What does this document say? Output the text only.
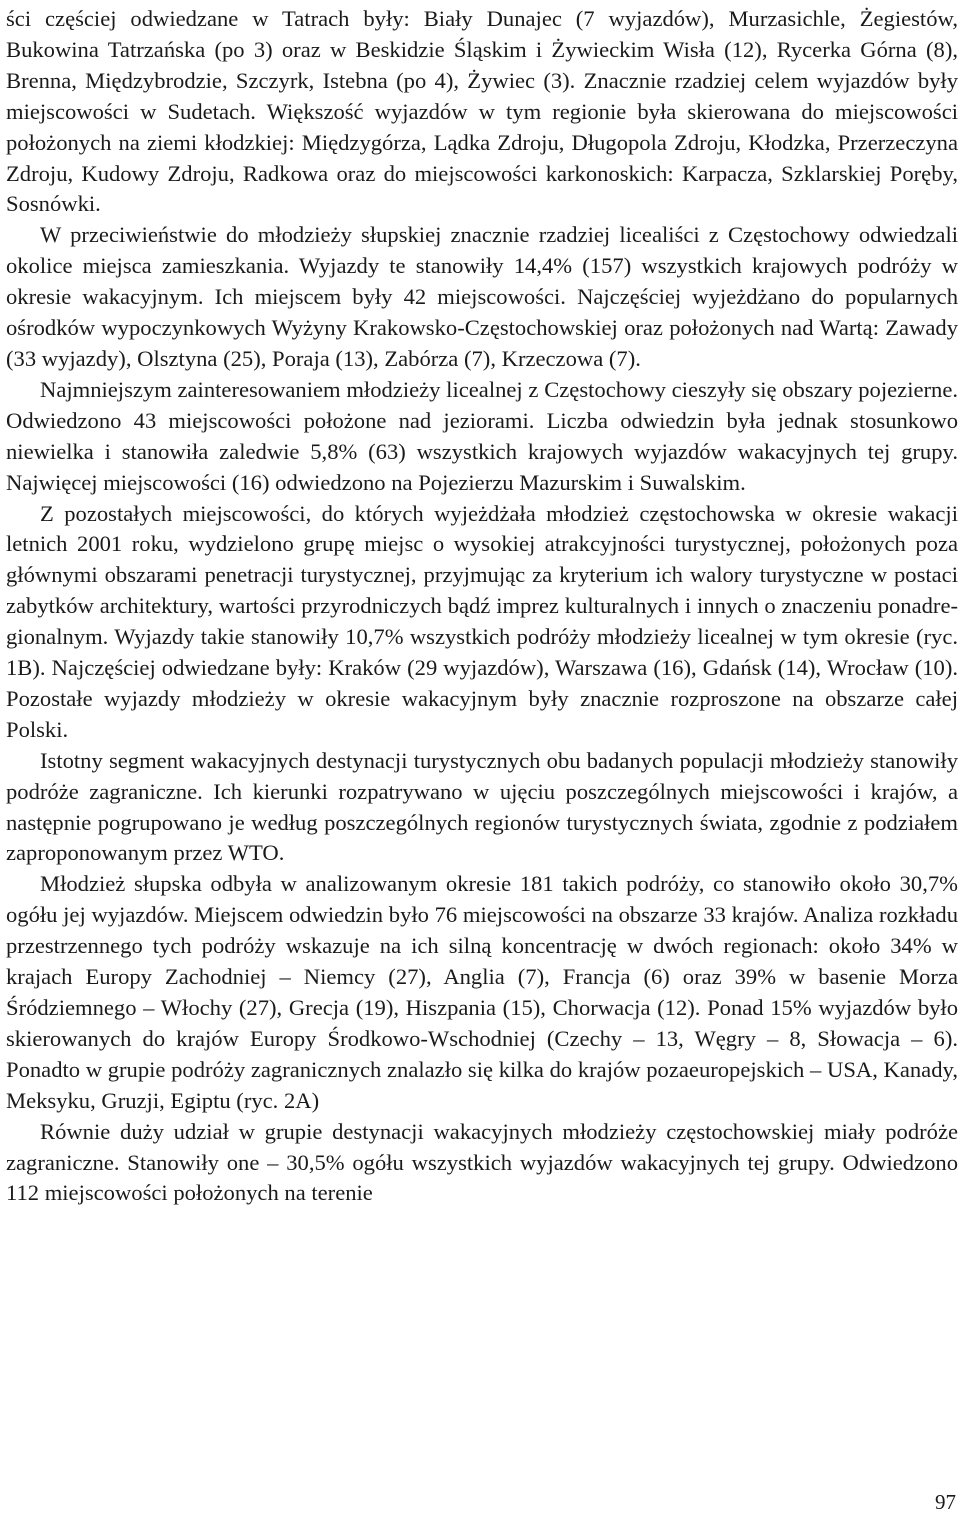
ści częściej odwiedzane w Tatrach były: Biały Dunajec (7 wyjazdów), Murzasichle, Żegiestów, Bukowina Tatrzańska (po 3) oraz w Beskidzie Śląskim i Żywieckim Wisła (12), Rycerka Górna (8), Brenna, Międzybrodzie, Szczyrk, Istebna (po 4), Żywiec (3). Znacznie rzadziej celem wyjazdów były miejscowości w Sudetach. Większość wyjazdów w tym regionie była skierowana do miejscowości położonych na ziemi kłodzkiej: Międzygórza, Lądka Zdroju, Długopola Zdroju, Kłodzka, Przerzeczyna Zdroju, Kudowy Zdroju, Radkowa oraz do miejscowości karkonoskich: Karpacza, Szklarskiej Poręby, Sosnówki.

W przeciwieństwie do młodzieży słupskiej znacznie rzadziej licealiści z Częstochowy odwiedzali okolice miejsca zamieszkania. Wyjazdy te stanowiły 14,4% (157) wszystkich krajowych podróży w okresie wakacyjnym. Ich miejscem były 42 miejscowości. Najczęściej wyjeżdżano do popularnych ośrodków wypoczynkowych Wyżyny Krakowsko-Częstochowskiej oraz położonych nad Wartą: Zawady (33 wyjazdy), Olsztyna (25), Poraja (13), Zabórza (7), Krzeczowa (7).

Najmniejszym zainteresowaniem młodzieży licealnej z Częstochowy cieszyły się obszary pojezierne. Odwiedzono 43 miejscowości położone nad jeziorami. Liczba odwiedzin była jednak stosunkowo niewielka i stanowiła zaledwie 5,8% (63) wszystkich krajowych wyjazdów wakacyjnych tej grupy. Najwięcej miejscowości (16) odwiedzono na Pojezierzu Mazurskim i Suwalskim.

Z pozostałych miejscowości, do których wyjeżdżała młodzież częstochowska w okresie wakacji letnich 2001 roku, wydzielono grupę miejsc o wysokiej atrakcyjności turystycznej, położonych poza głównymi obszarami penetracji turystycznej, przyjmując za kryterium ich walory turystyczne w postaci zabytków architektury, wartości przyrodniczych bądź imprez kulturalnych i innych o znaczeniu ponadregionalnym. Wyjazdy takie stanowiły 10,7% wszystkich podróży młodzieży licealnej w tym okresie (ryc. 1B). Najczęściej odwiedzane były: Kraków (29 wyjazdów), Warszawa (16), Gdańsk (14), Wrocław (10). Pozostałe wyjazdy młodzieży w okresie wakacyjnym były znacznie rozproszone na obszarze całej Polski.

Istotny segment wakacyjnych destynacji turystycznych obu badanych populacji młodzieży stanowiły podróże zagraniczne. Ich kierunki rozpatrywano w ujęciu poszczególnych miejscowości i krajów, a następnie pogrupowano je według poszczególnych regionów turystycznych świata, zgodnie z podziałem zaproponowanym przez WTO.

Młodzież słupska odbyła w analizowanym okresie 181 takich podróży, co stanowiło około 30,7% ogółu jej wyjazdów. Miejscem odwiedzin było 76 miejscowości na obszarze 33 krajów. Analiza rozkładu przestrzennego tych podróży wskazuje na ich silną koncentrację w dwóch regionach: około 34% w krajach Europy Zachodniej – Niemcy (27), Anglia (7), Francja (6) oraz 39% w basenie Morza Śródziemnego – Włochy (27), Grecja (19), Hiszpania (15), Chorwacja (12). Ponad 15% wyjazdów było skierowanych do krajów Europy Środkowo-Wschodniej (Czechy – 13, Węgry – 8, Słowacja – 6). Ponadto w grupie podróży zagranicznych znalazło się kilka do krajów pozaeuropejskich – USA, Kanady, Meksyku, Gruzji, Egiptu (ryc. 2A)

Równie duży udział w grupie destynacji wakacyjnych młodzieży częstochowskiej miały podróże zagraniczne. Stanowiły one – 30,5% ogółu wszystkich wyjazdów wakacyjnych tej grupy. Odwiedzono 112 miejscowości położonych na terenie

97
